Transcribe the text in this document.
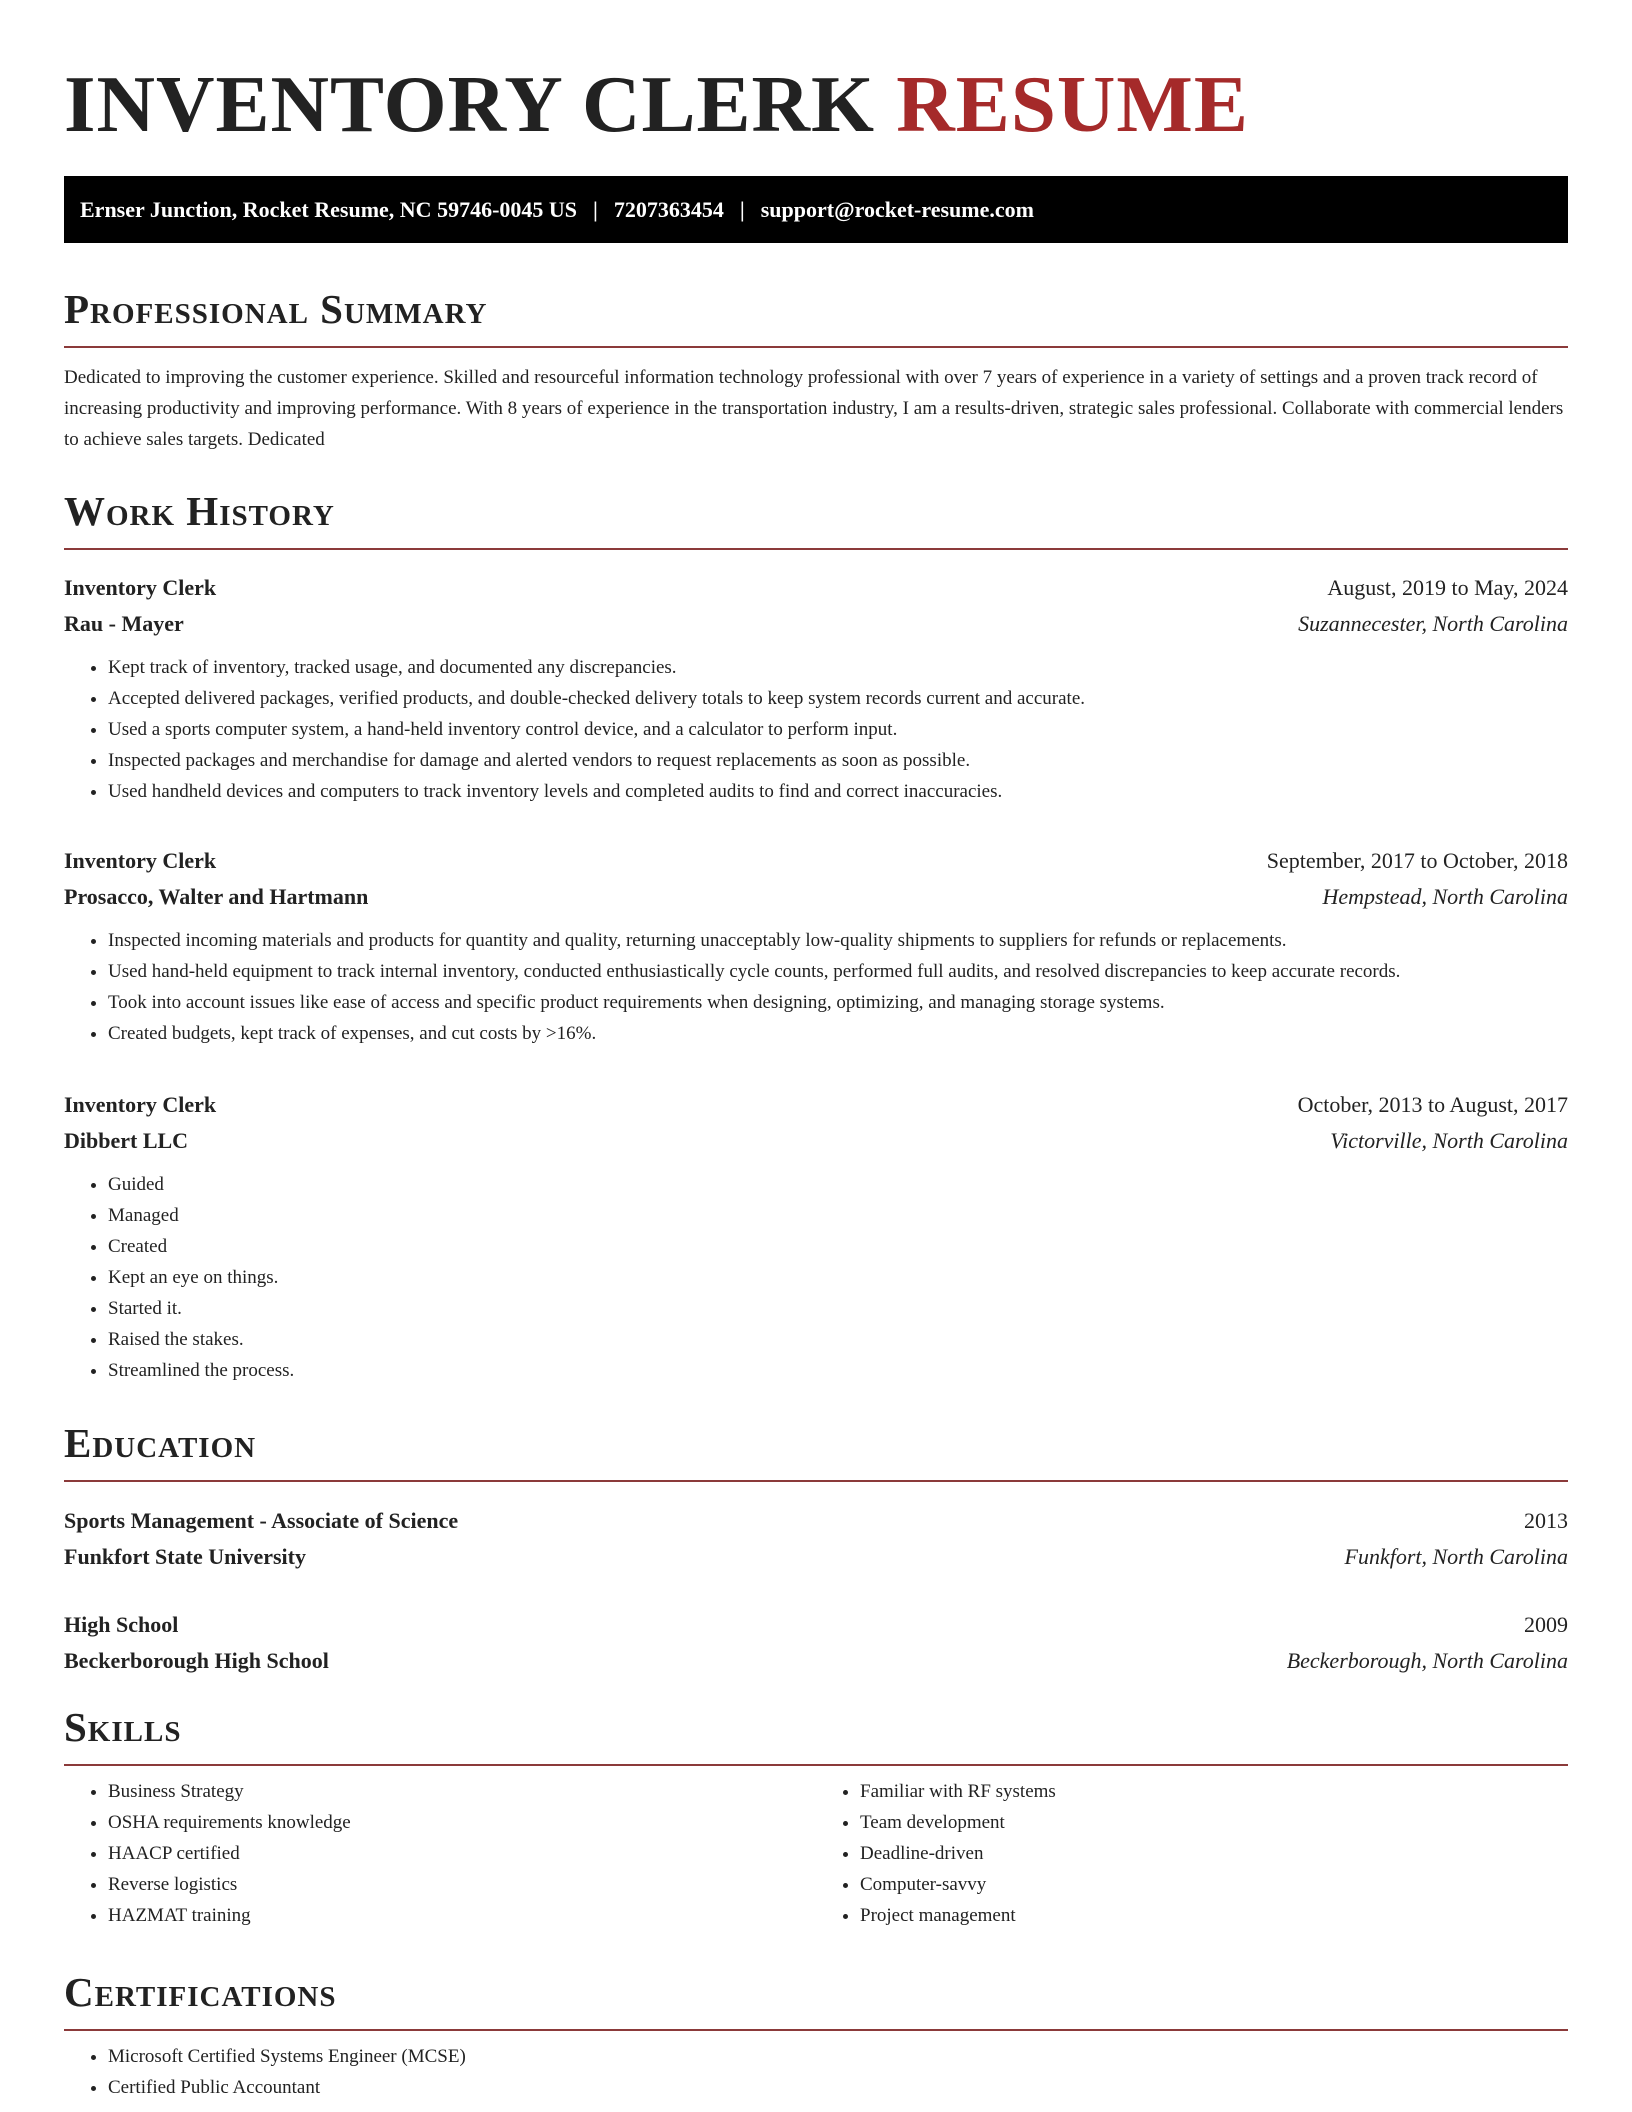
INVENTORY CLERK RESUME
Ernser Junction, Rocket Resume, NC 59746-0045 US | 7207363454 | support@rocket-resume.com
Professional Summary

Dedicated to improving the customer experience. Skilled and resourceful information technology professional with over 7 years of experience in a variety of settings and a proven track record of increasing productivity and improving performance. With 8 years of experience in the transportation industry, I am a results-driven, strategic sales professional. Collaborate with commercial lenders to achieve sales targets. Dedicated

Work History
Inventory Clerk	August, 2019 to May, 2024
Rau - Mayer	Suzannecester, North Carolina
• Kept track of inventory, tracked usage, and documented any discrepancies.
• Accepted delivered packages, verified products, and double-checked delivery totals to keep system records current and accurate.
• Used a sports computer system, a hand-held inventory control device, and a calculator to perform input.
• Inspected packages and merchandise for damage and alerted vendors to request replacements as soon as possible.
• Used handheld devices and computers to track inventory levels and completed audits to find and correct inaccuracies.
Inventory Clerk	September, 2017 to October, 2018
Prosacco, Walter and Hartmann	Hempstead, North Carolina
• Inspected incoming materials and products for quantity and quality, returning unacceptably low-quality shipments to suppliers for refunds or replacements.
• Used hand-held equipment to track internal inventory, conducted enthusiastically cycle counts, performed full audits, and resolved discrepancies to keep accurate records.
• Took into account issues like ease of access and specific product requirements when designing, optimizing, and managing storage systems.
• Created budgets, kept track of expenses, and cut costs by >16%.
Inventory Clerk	October, 2013 to August, 2017
Dibbert LLC	Victorville, North Carolina
• Guided
• Managed
• Created
• Kept an eye on things.
• Started it.
• Raised the stakes.
• Streamlined the process.
Education
Sports Management - Associate of Science	2013
Funkfort State University	Funkfort, North Carolina
High School	2009
Beckerborough High School	Beckerborough, North Carolina
Skills
• Business Strategy
• OSHA requirements knowledge
• HAACP certified
• Reverse logistics
• HAZMAT training
• Familiar with RF systems
• Team development
• Deadline-driven
• Computer-savvy
• Project management
Certifications
• Microsoft Certified Systems Engineer (MCSE)
• Certified Public Accountant
